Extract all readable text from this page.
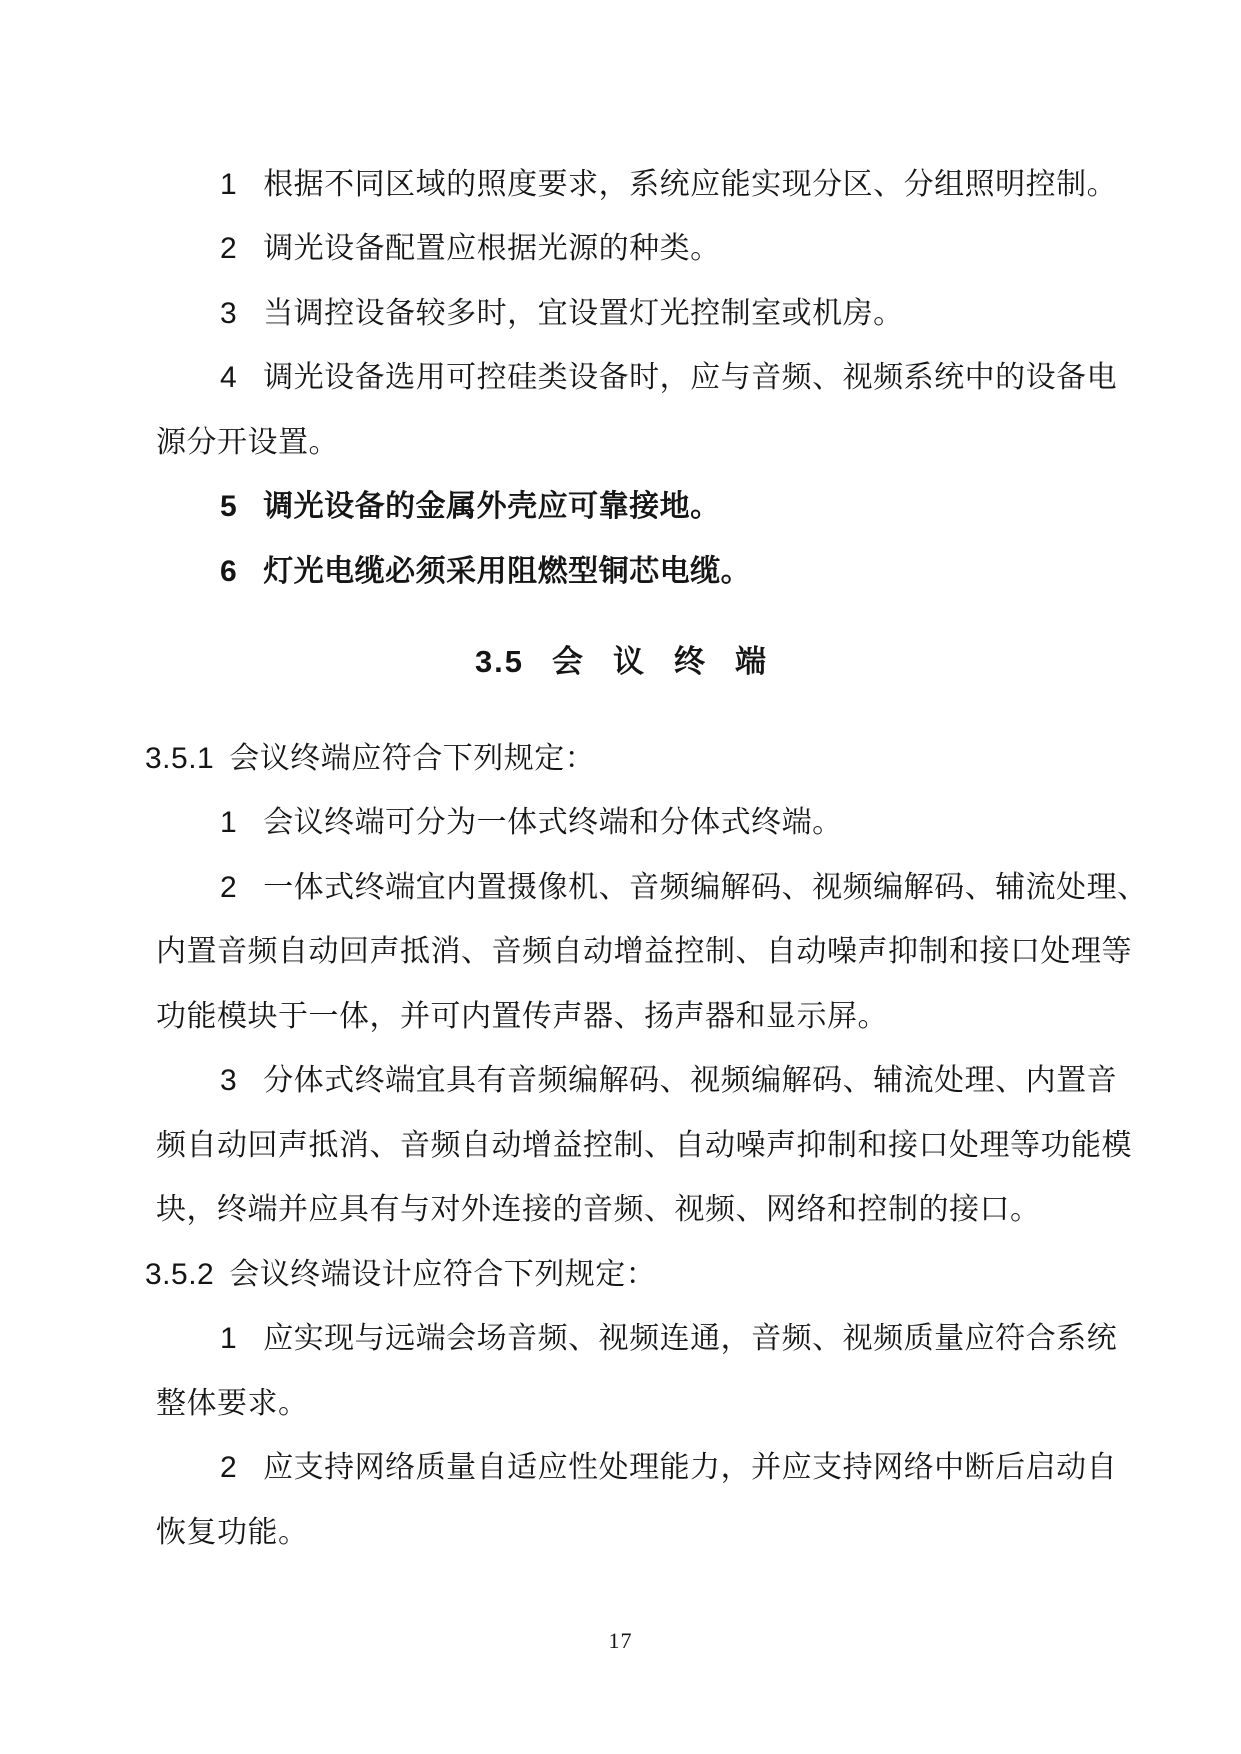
1 根据不同区域的照度要求，系统应能实现分区、分组照明控制。
2 调光设备配置应根据光源的种类。
3 当调控设备较多时，宜设置灯光控制室或机房。
4 调光设备选用可控硅类设备时，应与音频、视频系统中的设备电
源分开设置。
5 调光设备的金属外壳应可靠接地。
6 灯光电缆必须采用阻燃型铜芯电缆。
3.5 会议终端
3.5.1 会议终端应符合下列规定：
1 会议终端可分为一体式终端和分体式终端。
2 一体式终端宜内置摄像机、音频编解码、视频编解码、辅流处理、
内置音频自动回声抵消、音频自动增益控制、自动噪声抑制和接口处理等
功能模块于一体，并可内置传声器、扬声器和显示屏。
3 分体式终端宜具有音频编解码、视频编解码、辅流处理、内置音
频自动回声抵消、音频自动增益控制、自动噪声抑制和接口处理等功能模
块，终端并应具有与对外连接的音频、视频、网络和控制的接口。
3.5.2 会议终端设计应符合下列规定：
1 应实现与远端会场音频、视频连通，音频、视频质量应符合系统
整体要求。
2 应支持网络质量自适应性处理能力，并应支持网络中断后启动自
恢复功能。
17
